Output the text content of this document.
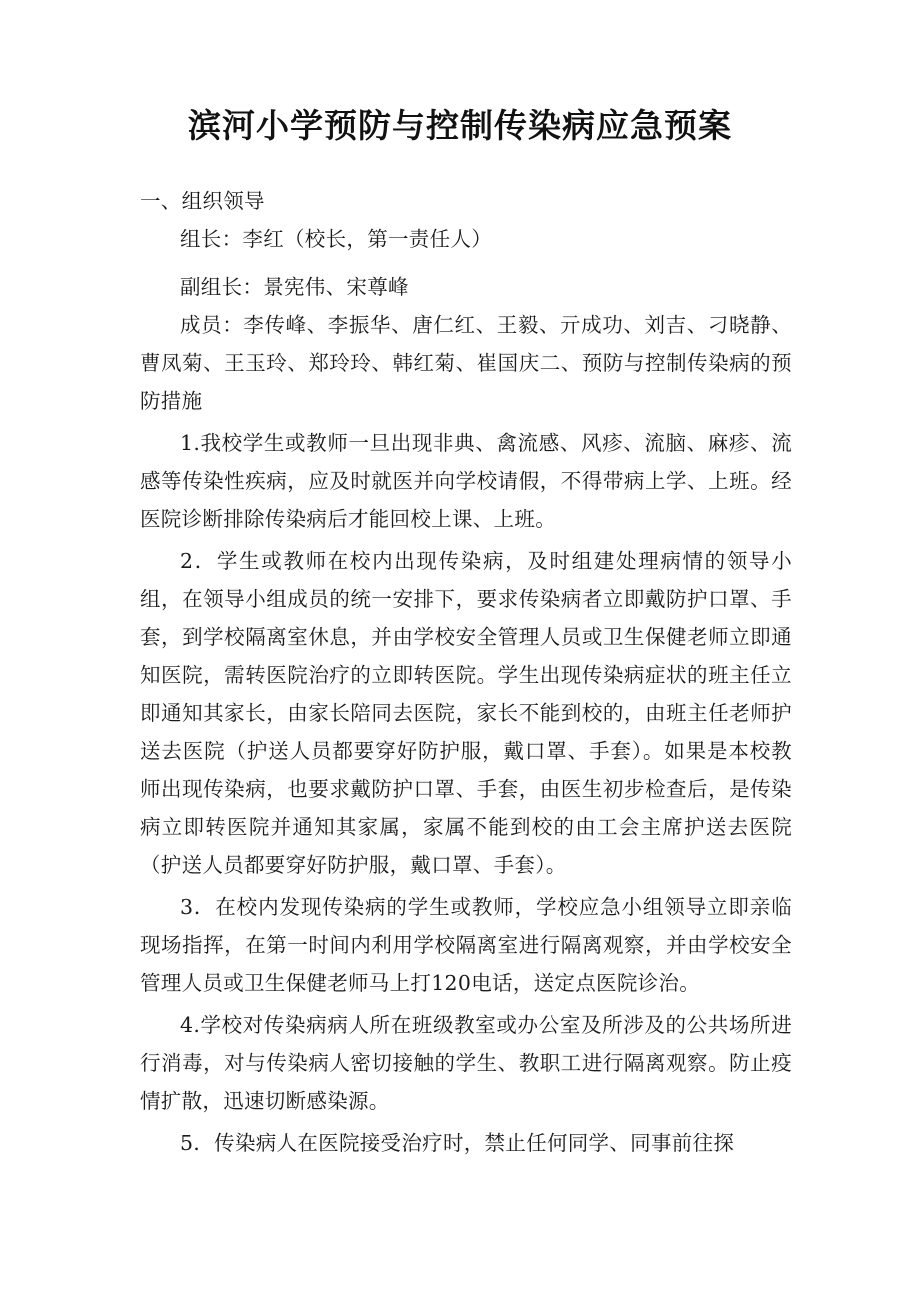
滨河小学预防与控制传染病应急预案

一、组织领导

组长：李红（校长，第一责任人）

副组长：景宪伟、宋尊峰

成员：李传峰、李振华、唐仁红、王毅、亓成功、刘吉、刁晓静、曹凤菊、王玉玲、郑玲玲、韩红菊、崔国庆二、预防与控制传染病的预防措施

1.我校学生或教师一旦出现非典、禽流感、风疹、流脑、麻疹、流感等传染性疾病，应及时就医并向学校请假，不得带病上学、上班。经医院诊断排除传染病后才能回校上课、上班。

2．学生或教师在校内出现传染病，及时组建处理病情的领导小组，在领导小组成员的统一安排下，要求传染病者立即戴防护口罩、手套，到学校隔离室休息，并由学校安全管理人员或卫生保健老师立即通知医院，需转医院治疗的立即转医院。学生出现传染病症状的班主任立即通知其家长，由家长陪同去医院，家长不能到校的，由班主任老师护送去医院（护送人员都要穿好防护服，戴口罩、手套）。如果是本校教师出现传染病，也要求戴防护口罩、手套，由医生初步检查后，是传染病立即转医院并通知其家属，家属不能到校的由工会主席护送去医院（护送人员都要穿好防护服，戴口罩、手套）。

3．在校内发现传染病的学生或教师，学校应急小组领导立即亲临现场指挥，在第一时间内利用学校隔离室进行隔离观察，并由学校安全管理人员或卫生保健老师马上打120电话，送定点医院诊治。

4.学校对传染病病人所在班级教室或办公室及所涉及的公共场所进行消毒，对与传染病人密切接触的学生、教职工进行隔离观察。防止疫情扩散，迅速切断感染源。

5．传染病人在医院接受治疗时，禁止任何同学、同事前往探
